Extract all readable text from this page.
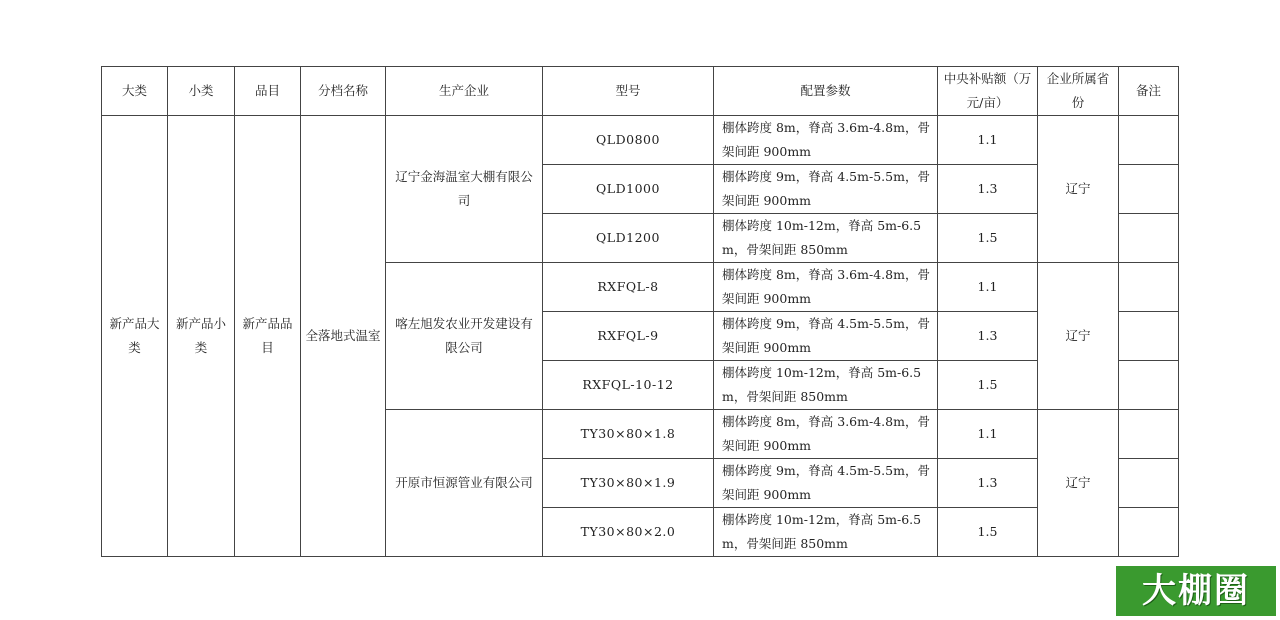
大类	小类	品目	分档名称	生产企业	型号	配置参数	中央补贴额（万元/亩）	企业所属省份	备注

新产品大类	新产品小类	新产品品目	全落地式温室	辽宁金海温室大棚有限公司	QLD0800	棚体跨度 8m，脊高 3.6m-4.8m，骨架间距 900mm	1.1	辽宁	

					QLD1000	棚体跨度 9m，脊高 4.5m-5.5m，骨架间距 900mm	1.3		

					QLD1200	棚体跨度 10m-12m，脊高 5m-6.5m，骨架间距 850mm	1.5		

				喀左旭发农业开发建设有限公司	RXFQL-8	棚体跨度 8m，脊高 3.6m-4.8m，骨架间距 900mm	1.1	辽宁	

					RXFQL-9	棚体跨度 9m，脊高 4.5m-5.5m，骨架间距 900mm	1.3		

					RXFQL-10-12	棚体跨度 10m-12m，脊高 5m-6.5m，骨架间距 850mm	1.5		

				开原市恒源管业有限公司	TY30×80×1.8	棚体跨度 8m，脊高 3.6m-4.8m，骨架间距 900mm	1.1	辽宁	

					TY30×80×1.9	棚体跨度 9m，脊高 4.5m-5.5m，骨架间距 900mm	1.3		

					TY30×80×2.0	棚体跨度 10m-12m，脊高 5m-6.5m，骨架间距 850mm	1.5		

大棚圈
